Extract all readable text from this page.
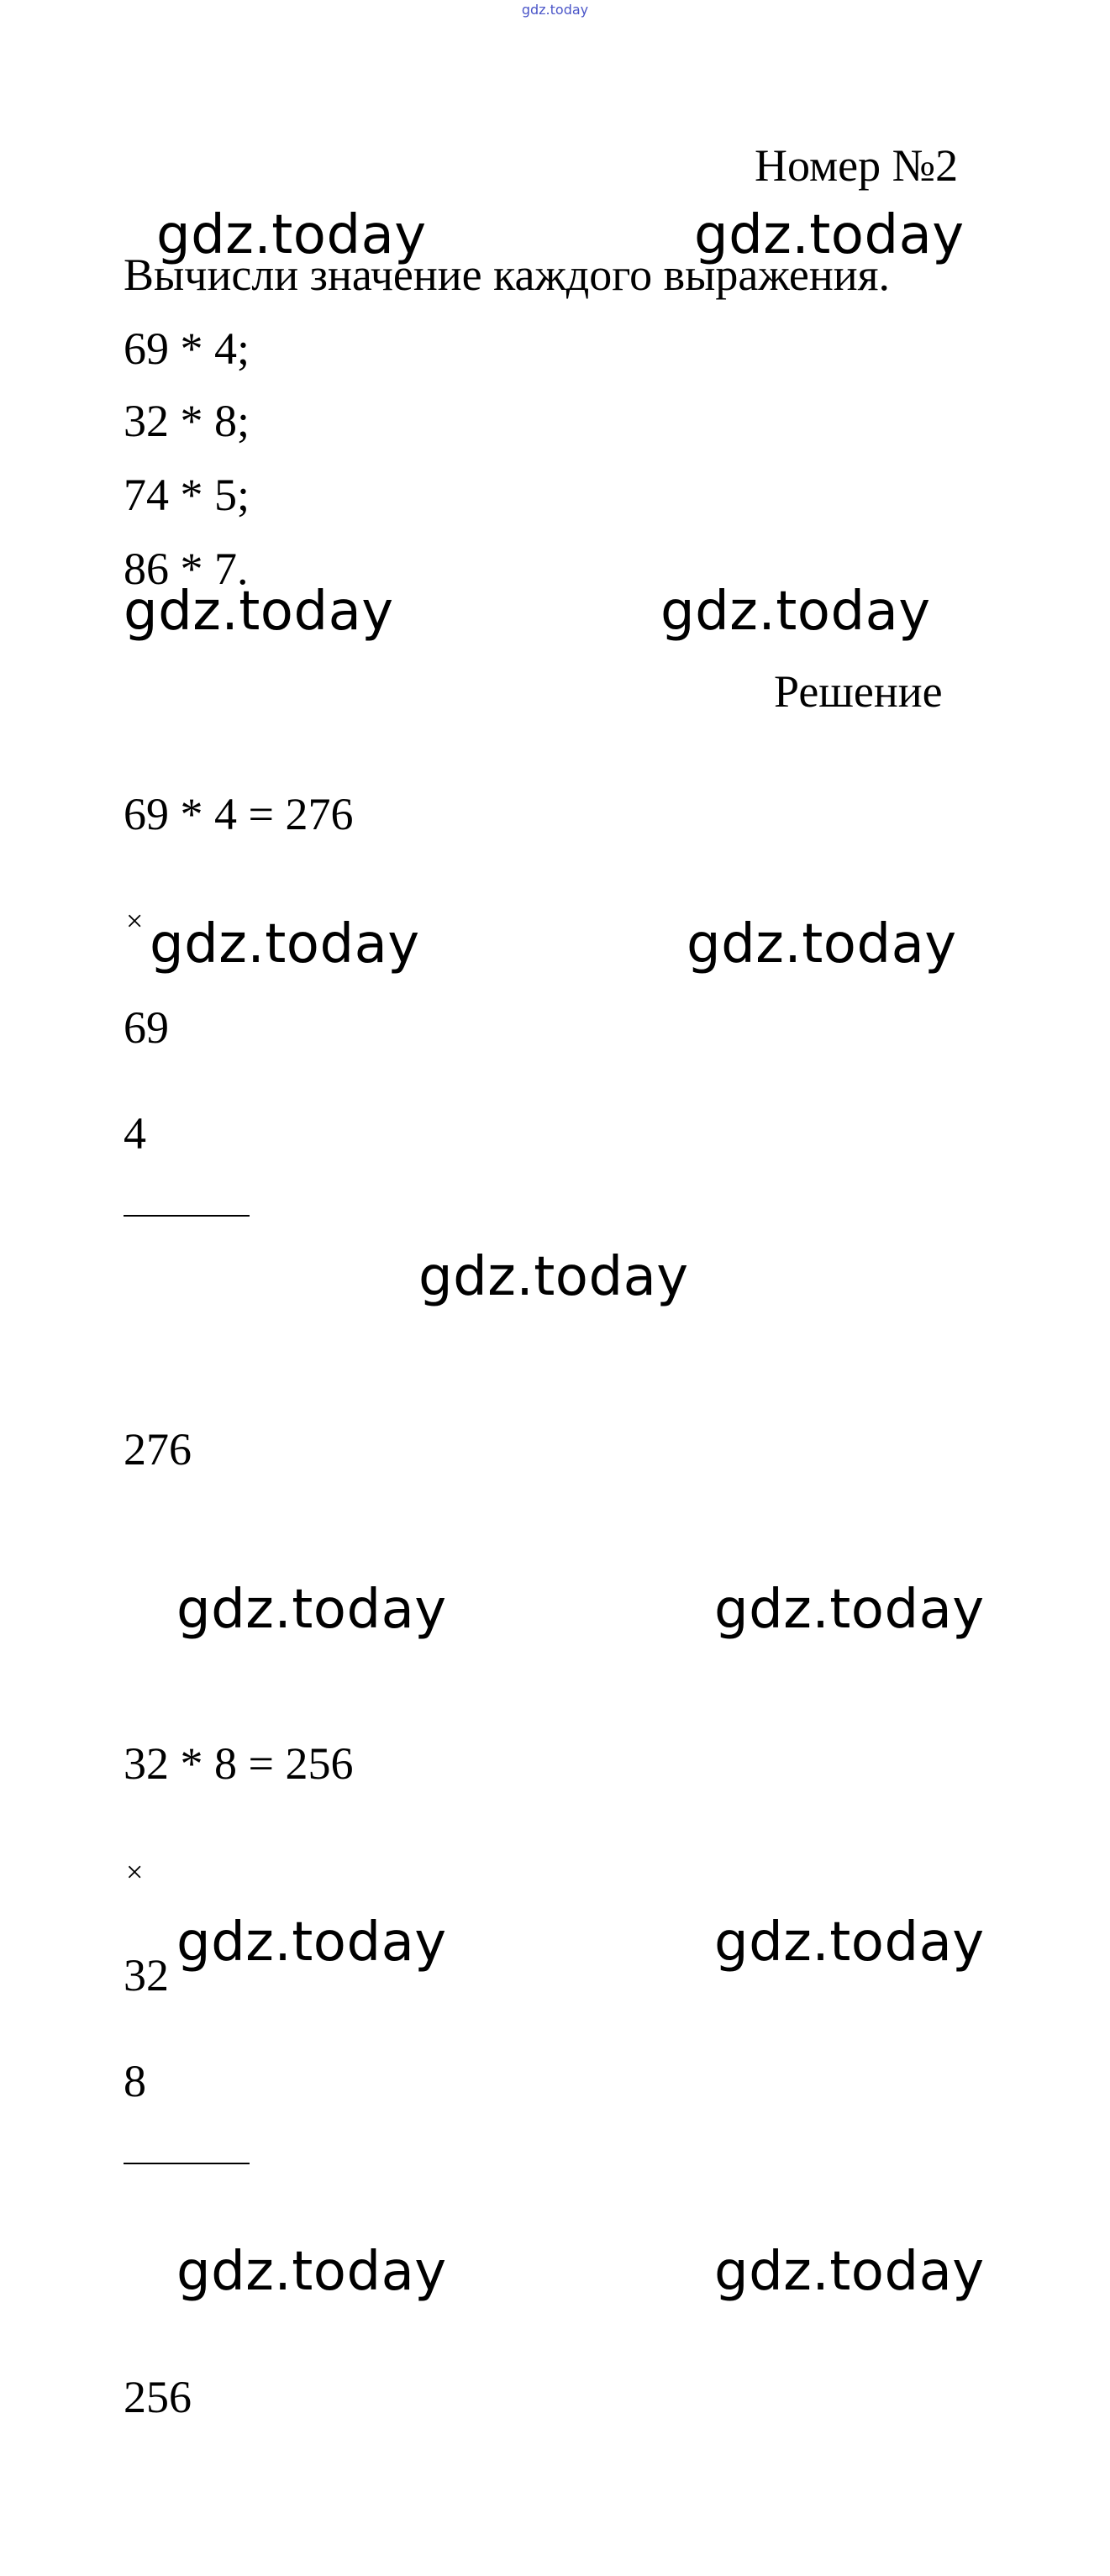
gdz.today
Номер №2
gdz.today	gdz.today
Вычисли значение каждого выражения.
69 * 4;
32 * 8;
74 * 5;
86 * 7.
gdz.today	gdz.today
Решение
69 * 4 = 276
× gdz.today	gdz.today
69
4
gdz.today
276
gdz.today	gdz.today
32 * 8 = 256
×
gdz.today	gdz.today
32
8
gdz.today	gdz.today
256
